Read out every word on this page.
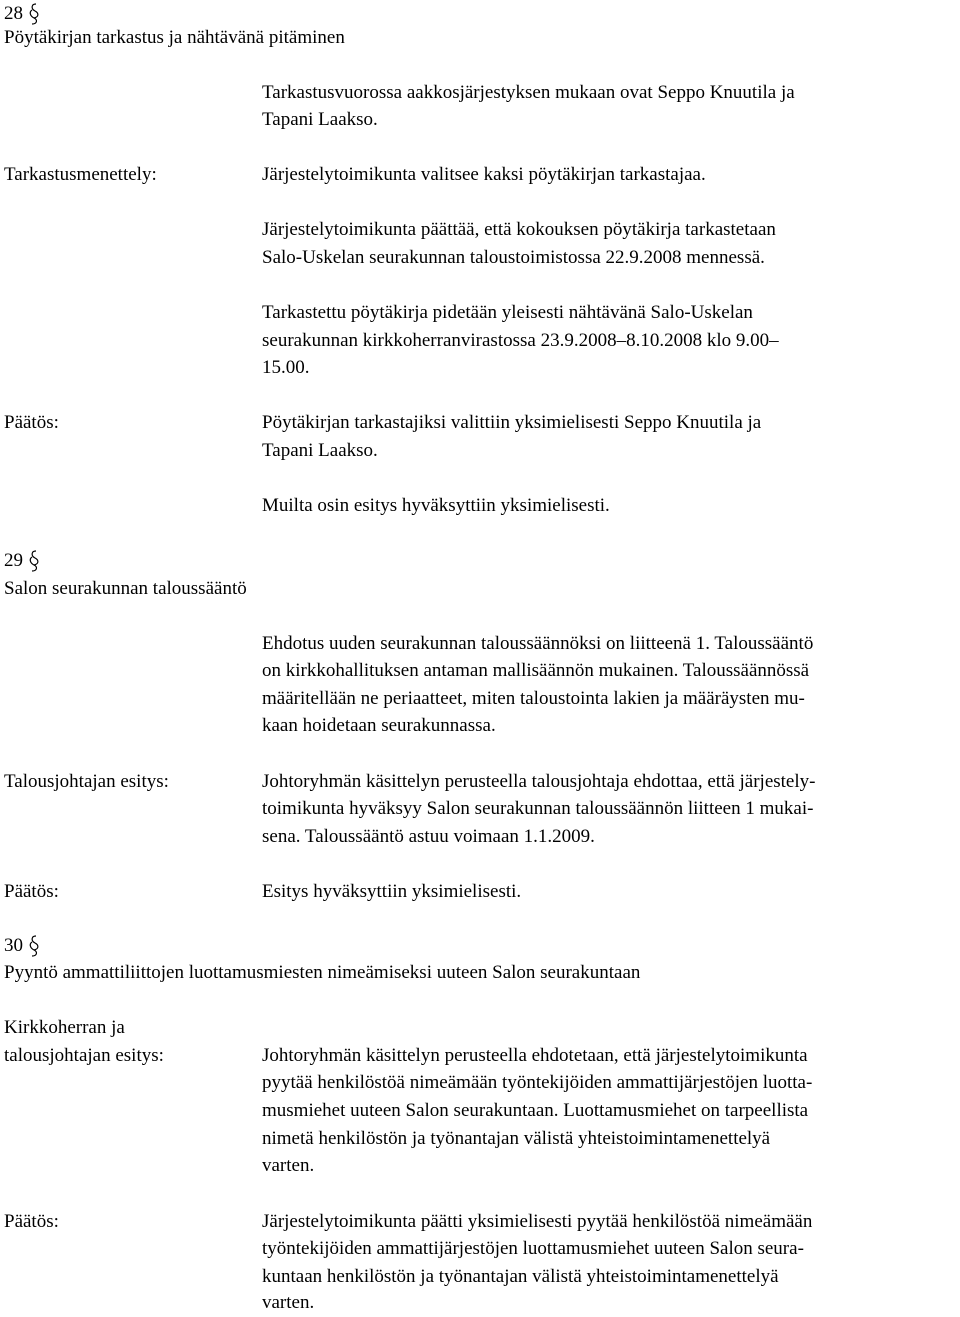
28
Pöytäkirjan tarkastus ja nähtävänä pitäminen
Tarkastusvuorossa aakkosjärjestyksen mukaan ovat Seppo Knuutila ja
Tapani Laakso.
Tarkastusmenettely:	Järjestelytoimikunta valitsee kaksi pöytäkirjan tarkastajaa.
Järjestelytoimikunta päättää, että kokouksen pöytäkirja tarkastetaan
Salo-Uskelan seurakunnan taloustoimistossa 22.9.2008 mennessä.
Tarkastettu pöytäkirja pidetään yleisesti nähtävänä Salo-Uskelan
seurakunnan kirkkoherranvirastossa 23.9.2008–8.10.2008 klo 9.00–
15.00.
Päätös:	Pöytäkirjan tarkastajiksi valittiin yksimielisesti Seppo Knuutila ja
Tapani Laakso.
Muilta osin esitys hyväksyttiin yksimielisesti.
29
Salon seurakunnan taloussääntö
Ehdotus uuden seurakunnan taloussäännöksi on liitteenä 1. Taloussääntö
on kirkkohallituksen antaman mallisäännön mukainen. Taloussäännössä
määritellään ne periaatteet, miten taloustointa lakien ja määräysten mu-
kaan hoidetaan seurakunnassa.
Talousjohtajan esitys:	Johtoryhmän käsittelyn perusteella talousjohtaja ehdottaa, että järjestely-
toimikunta hyväksyy Salon seurakunnan taloussäännön liitteen 1 mukai-
sena. Taloussääntö astuu voimaan 1.1.2009.
Päätös:	Esitys hyväksyttiin yksimielisesti.
30
Pyyntö ammattiliittojen luottamusmiesten nimeämiseksi uuteen Salon seurakuntaan
Kirkkoherran ja
talousjohtajan esitys:	Johtoryhmän käsittelyn perusteella ehdotetaan, että järjestelytoimikunta
pyytää henkilöstöä nimeämään työntekijöiden ammattijärjestöjen luotta-
musmiehet uuteen Salon seurakuntaan. Luottamusmiehet on tarpeellista
nimetä henkilöstön ja työnantajan välistä yhteistoimintamenettelyä
varten.
Päätös:	Järjestelytoimikunta päätti yksimielisesti pyytää henkilöstöä nimeämään
työntekijöiden ammattijärjestöjen luottamusmiehet uuteen Salon seura-
kuntaan henkilöstön ja työnantajan välistä yhteistoimintamenettelyä
varten.
